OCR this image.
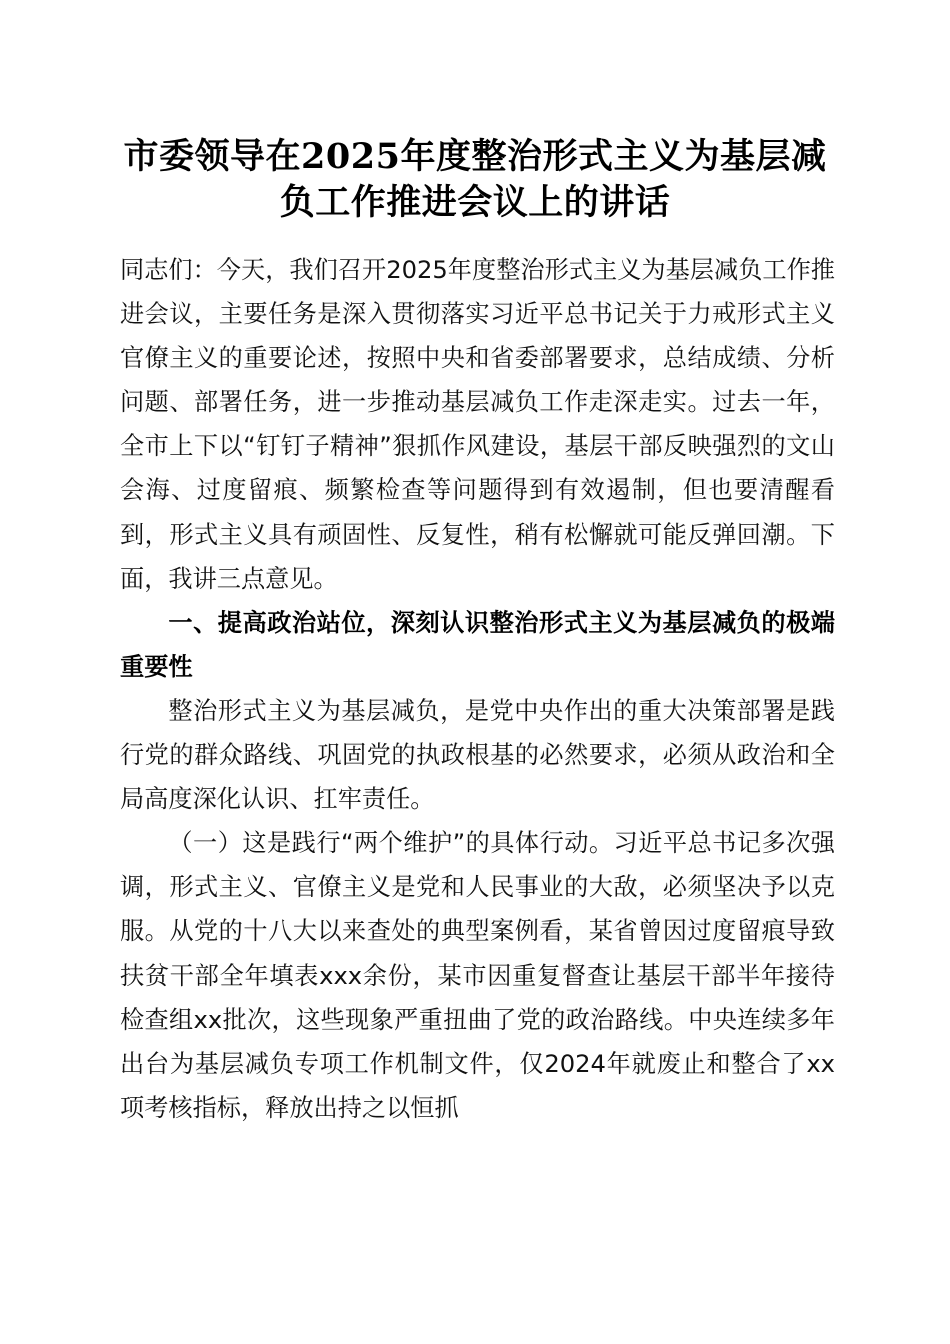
市委领导在2025年度整治形式主义为基层减
负工作推进会议上的讲话

同志们：今天，我们召开2025年度整治形式主义为基层减负工作推进会议，主要任务是深入贯彻落实习近平总书记关于力戒形式主义官僚主义的重要论述，按照中央和省委部署要求，总结成绩、分析问题、部署任务，进一步推动基层减负工作走深走实。过去一年，全市上下以“钉钉子精神”狠抓作风建设，基层干部反映强烈的文山会海、过度留痕、频繁检查等问题得到有效遏制，但也要清醒看到，形式主义具有顽固性、反复性，稍有松懈就可能反弹回潮。下面，我讲三点意见。

一、提高政治站位，深刻认识整治形式主义为基层减负的极端重要性

整治形式主义为基层减负，是党中央作出的重大决策部署是践行党的群众路线、巩固党的执政根基的必然要求，必须从政治和全局高度深化认识、扛牢责任。

（一）这是践行“两个维护”的具体行动。习近平总书记多次强调，形式主义、官僚主义是党和人民事业的大敌，必须坚决予以克服。从党的十八大以来查处的典型案例看，某省曾因过度留痕导致扶贫干部全年填表xxx余份，某市因重复督查让基层干部半年接待检查组xx批次，这些现象严重扭曲了党的政治路线。中央连续多年出台为基层减负专项工作机制文件，仅2024年就废止和整合了xx项考核指标，释放出持之以恒抓
